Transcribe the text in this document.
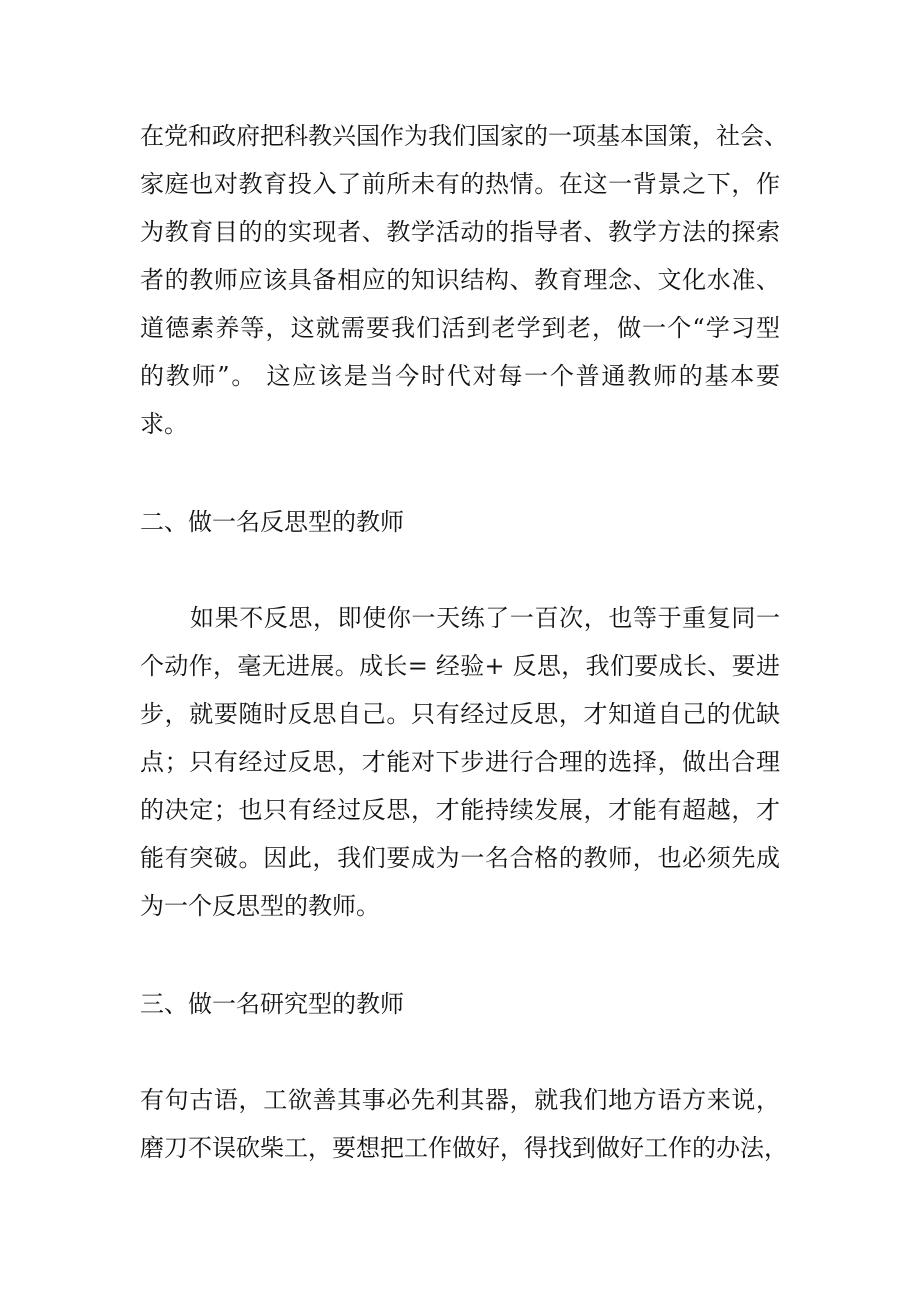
在党和政府把科教兴国作为我们国家的一项基本国策，社会、
家庭也对教育投入了前所未有的热情。在这一背景之下，作
为教育目的的实现者、教学活动的指导者、教学方法的探索
者的教师应该具备相应的知识结构、教育理念、文化水准、
道德素养等，这就需要我们活到老学到老，做一个“学习型
的教师”。 这应该是当今时代对每一个普通教师的基本要
求。
二、做一名反思型的教师
如果不反思，即使你一天练了一百次，也等于重复同一
个动作，毫无进展。成长= 经验+ 反思，我们要成长、要进
步，就要随时反思自己。只有经过反思，才知道自己的优缺
点；只有经过反思，才能对下步进行合理的选择，做出合理
的决定；也只有经过反思，才能持续发展，才能有超越，才
能有突破。因此，我们要成为一名合格的教师，也必须先成
为一个反思型的教师。
三、做一名研究型的教师
有句古语，工欲善其事必先利其器，就我们地方语方来说，
磨刀不误砍柴工，要想把工作做好，得找到做好工作的办法，
